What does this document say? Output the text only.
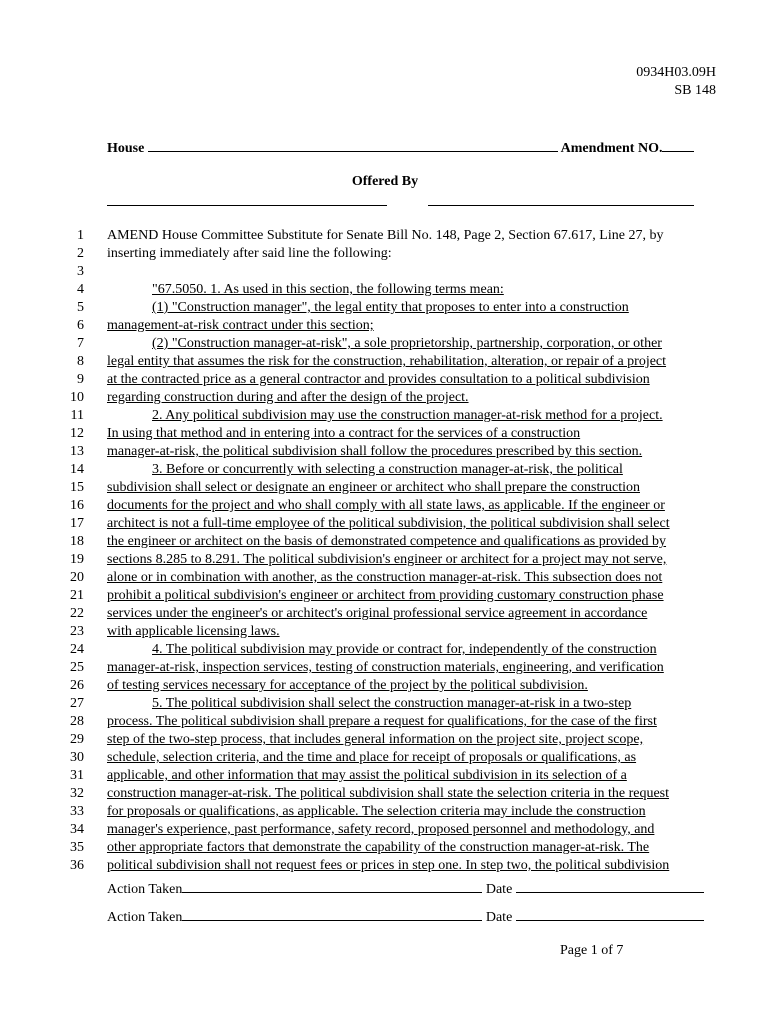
0934H03.09H
SB 148
House	Amendment NO.
Offered By
1 AMEND House Committee Substitute for Senate Bill No. 148, Page 2, Section 67.617, Line 27, by
2 inserting immediately after said line the following:
3
4	"67.5050. 1. As used in this section, the following terms mean:
5	(1) "Construction manager", the legal entity that proposes to enter into a construction
6 management-at-risk contract under this section;
7	(2) "Construction manager-at-risk", a sole proprietorship, partnership, corporation, or other
8 legal entity that assumes the risk for the construction, rehabilitation, alteration, or repair of a project
9 at the contracted price as a general contractor and provides consultation to a political subdivision
10 regarding construction during and after the design of the project.
11	2. Any political subdivision may use the construction manager-at-risk method for a project.
12 In using that method and in entering into a contract for the services of a construction
13 manager-at-risk, the political subdivision shall follow the procedures prescribed by this section.
14	3. Before or concurrently with selecting a construction manager-at-risk, the political
15 subdivision shall select or designate an engineer or architect who shall prepare the construction
16 documents for the project and who shall comply with all state laws, as applicable. If the engineer or
17 architect is not a full-time employee of the political subdivision, the political subdivision shall select
18 the engineer or architect on the basis of demonstrated competence and qualifications as provided by
19 sections 8.285 to 8.291. The political subdivision's engineer or architect for a project may not serve,
20 alone or in combination with another, as the construction manager-at-risk. This subsection does not
21 prohibit a political subdivision's engineer or architect from providing customary construction phase
22 services under the engineer's or architect's original professional service agreement in accordance
23 with applicable licensing laws.
24	4. The political subdivision may provide or contract for, independently of the construction
25 manager-at-risk, inspection services, testing of construction materials, engineering, and verification
26 of testing services necessary for acceptance of the project by the political subdivision.
27	5. The political subdivision shall select the construction manager-at-risk in a two-step
28 process. The political subdivision shall prepare a request for qualifications, for the case of the first
29 step of the two-step process, that includes general information on the project site, project scope,
30 schedule, selection criteria, and the time and place for receipt of proposals or qualifications, as
31 applicable, and other information that may assist the political subdivision in its selection of a
32 construction manager-at-risk. The political subdivision shall state the selection criteria in the request
33 for proposals or qualifications, as applicable. The selection criteria may include the construction
34 manager's experience, past performance, safety record, proposed personnel and methodology, and
35 other appropriate factors that demonstrate the capability of the construction manager-at-risk. The
36 political subdivision shall not request fees or prices in step one. In step two, the political subdivision
Action Taken	Date
Action Taken	Date
Page 1 of 7
